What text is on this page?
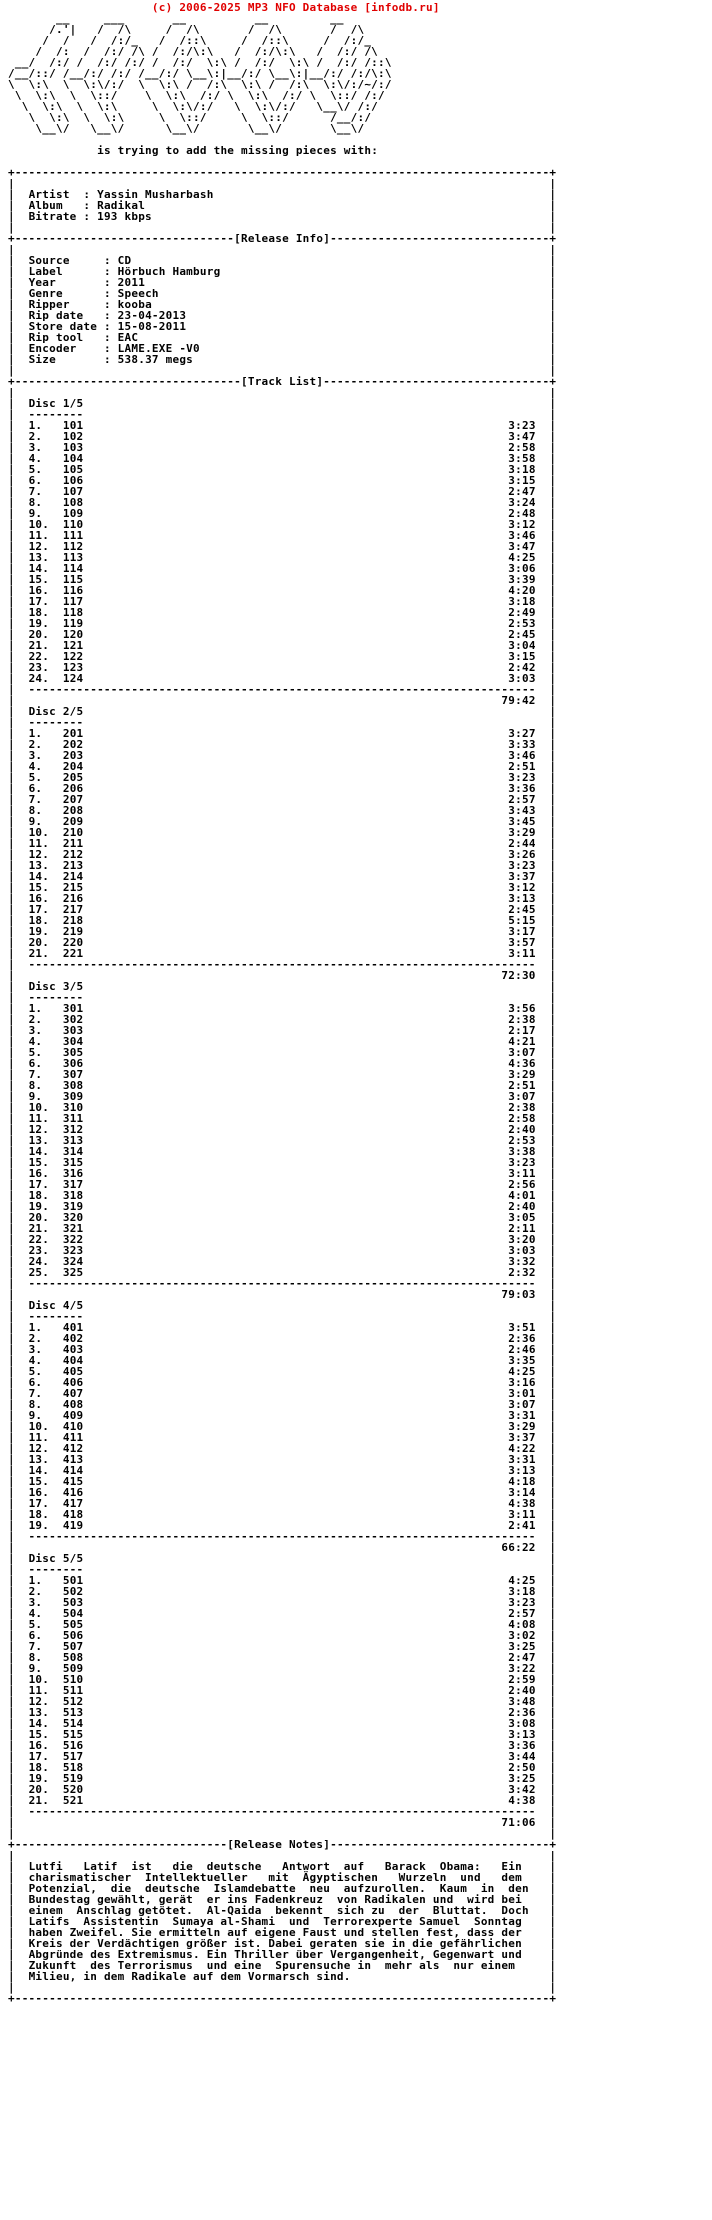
(c) 2006-2025 MP3 NFO Database [infodb.ru]
__     ___       __          __         __
/.'|   /  /\     /  /\       /  /\       /  /\
/  /   /  /:/_   /  /::\     /  /::\     /  /:/_
/  /:  /  /:/ /\ /  /:/\:\   /  /:/\:\   /  /:/ /\
__/  /:/ /  /:/ /:/ /  /:/  \:\ /  /:/  \:\ /  /:/ /::\
/__/::/ /__/:/ /:/ /__/:/ \__\:|__/:/ \__\:|__/:/ /:/\:\
\  \:\  \  \:\/:/  \  \:\ /  /:\  \:\ /  /:\  \:\/:/~/:/
\  \:\  \  \::/    \  \:\  /:/ \  \:\  /:/ \  \::/ /:/
\  \:\  \  \:\     \  \:\/:/   \  \:\/:/   \__\/ /:/
\  \:\  \  \:\     \  \::/     \  \::/      /__/:/
\__\/   \__\/      \__\/       \__\/       \__\/

is trying to add the missing pieces with:

+------------------------------------------------------------------------------+
|                                                                              |
|  Artist  : Yassin Musharbash                                                 |
|  Album   : Radikal                                                           |
|  Bitrate : 193 kbps                                                          |
|                                                                              |
+--------------------------------[Release Info]--------------------------------+
|                                                                              |
|  Source     : CD                                                             |
|  Label      : Hörbuch Hamburg                                                |
|  Year       : 2011                                                           |
|  Genre      : Speech                                                         |
|  Ripper     : kooba                                                          |
|  Rip date   : 23-04-2013                                                     |
|  Store date : 15-08-2011                                                     |
|  Rip tool   : EAC                                                            |
|  Encoder    : LAME.EXE -V0                                                   |
|  Size       : 538.37 megs                                                    |
|                                                                              |
+---------------------------------[Track List]---------------------------------+
|                                                                              |
|  Disc 1/5                                                                    |
|  --------                                                                    |
|  1.   101	3:23  |
|  2.   102	3:47  |
|  3.   103	2:58  |
|  4.   104	3:58  |
|  5.   105	3:18  |
|  6.   106	3:15  |
|  7.   107	2:47  |
|  8.   108	3:24  |
|  9.   109	2:48  |
|  10.  110	3:12  |
|  11.  111	3:46  |
|  12.  112	3:47  |
|  13.  113	4:25  |
|  14.  114	3:06  |
|  15.  115	3:39  |
|  16.  116	4:20  |
|  17.  117	3:18  |
|  18.  118	2:49  |
|  19.  119	2:53  |
|  20.  120	2:45  |
|  21.  121	3:04  |
|  22.  122	3:15  |
|  23.  123	2:42  |
|  24.  124	3:03  |
|  --------------------------------------------------------------------------  |
|                                                                       79:42  |
|  Disc 2/5                                                                    |
|  --------                                                                    |
|  1.   201	3:27  |
|  2.   202	3:33  |
|  3.   203	3:46  |
|  4.   204	2:51  |
|  5.   205	3:23  |
|  6.   206	3:36  |
|  7.   207	2:57  |
|  8.   208	3:43  |
|  9.   209	3:45  |
|  10.  210	3:29  |
|  11.  211	2:44  |
|  12.  212	3:26  |
|  13.  213	3:23  |
|  14.  214	3:37  |
|  15.  215	3:12  |
|  16.  216	3:13  |
|  17.  217	2:45  |
|  18.  218	5:15  |
|  19.  219	3:17  |
|  20.  220	3:57  |
|  21.  221	3:11  |
|  --------------------------------------------------------------------------  |
|                                                                       72:30  |
|  Disc 3/5                                                                    |
|  --------                                                                    |
|  1.   301	3:56  |
|  2.   302	2:38  |
|  3.   303	2:17  |
|  4.   304	4:21  |
|  5.   305	3:07  |
|  6.   306	4:36  |
|  7.   307	3:29  |
|  8.   308	2:51  |
|  9.   309	3:07  |
|  10.  310	2:38  |
|  11.  311	2:58  |
|  12.  312	2:40  |
|  13.  313	2:53  |
|  14.  314	3:38  |
|  15.  315	3:23  |
|  16.  316	3:11  |
|  17.  317	2:56  |
|  18.  318	4:01  |
|  19.  319	2:40  |
|  20.  320	3:05  |
|  21.  321	2:11  |
|  22.  322	3:20  |
|  23.  323	3:03  |
|  24.  324	3:32  |
|  25.  325	2:32  |
|  --------------------------------------------------------------------------  |
|                                                                       79:03  |
|  Disc 4/5                                                                    |
|  --------                                                                    |
|  1.   401	3:51  |
|  2.   402	2:36  |
|  3.   403	2:46  |
|  4.   404	3:35  |
|  5.   405	4:25  |
|  6.   406	3:16  |
|  7.   407	3:01  |
|  8.   408	3:07  |
|  9.   409	3:31  |
|  10.  410	3:29  |
|  11.  411	3:37  |
|  12.  412	4:22  |
|  13.  413	3:31  |
|  14.  414	3:13  |
|  15.  415	4:18  |
|  16.  416	3:14  |
|  17.  417	4:38  |
|  18.  418	3:11  |
|  19.  419	2:41  |
|  --------------------------------------------------------------------------  |
|                                                                       66:22  |
|  Disc 5/5                                                                    |
|  --------                                                                    |
|  1.   501	4:25  |
|  2.   502	3:18  |
|  3.   503	3:23  |
|  4.   504	2:57  |
|  5.   505	4:08  |
|  6.   506	3:02  |
|  7.   507	3:25  |
|  8.   508	2:47  |
|  9.   509	3:22  |
|  10.  510	2:59  |
|  11.  511	2:40  |
|  12.  512	3:48  |
|  13.  513	2:36  |
|  14.  514	3:08  |
|  15.  515	3:13  |
|  16.  516	3:36  |
|  17.  517	3:44  |
|  18.  518	2:50  |
|  19.  519	3:25  |
|  20.  520	3:42  |
|  21.  521	4:38  |
|  --------------------------------------------------------------------------  |
|                                                                       71:06  |
|                                                                              |
+-------------------------------[Release Notes]--------------------------------+
|                                                                              |
|  Lutfi   Latif  ist   die  deutsche   Antwort  auf   Barack  Obama:   Ein    |
|  charismatischer  Intellektueller   mit  Ägyptischen   Wurzeln  und   dem    |
|  Potenzial,  die  deutsche  Islamdebatte  neu  aufzurollen.  Kaum  in  den   |
|  Bundestag gewählt, gerät  er ins Fadenkreuz  von Radikalen und  wird bei    |
|  einem  Anschlag getötet.  Al-Qaida  bekennt  sich zu  der  Bluttat.  Doch   |
|  Latifs  Assistentin  Sumaya al-Shami  und  Terrorexperte Samuel  Sonntag    |
|  haben Zweifel. Sie ermitteln auf eigene Faust und stellen fest, dass der    |
|  Kreis der Verdächtigen größer ist. Dabei geraten sie in die gefährlichen    |
|  Abgründe des Extremismus. Ein Thriller über Vergangenheit, Gegenwart und    |
|  Zukunft  des Terrorismus  und eine  Spurensuche in  mehr als  nur einem     |
|  Milieu, in dem Radikale auf dem Vormarsch sind.                             |
|                                                                              |
+------------------------------------------------------------------------------+
